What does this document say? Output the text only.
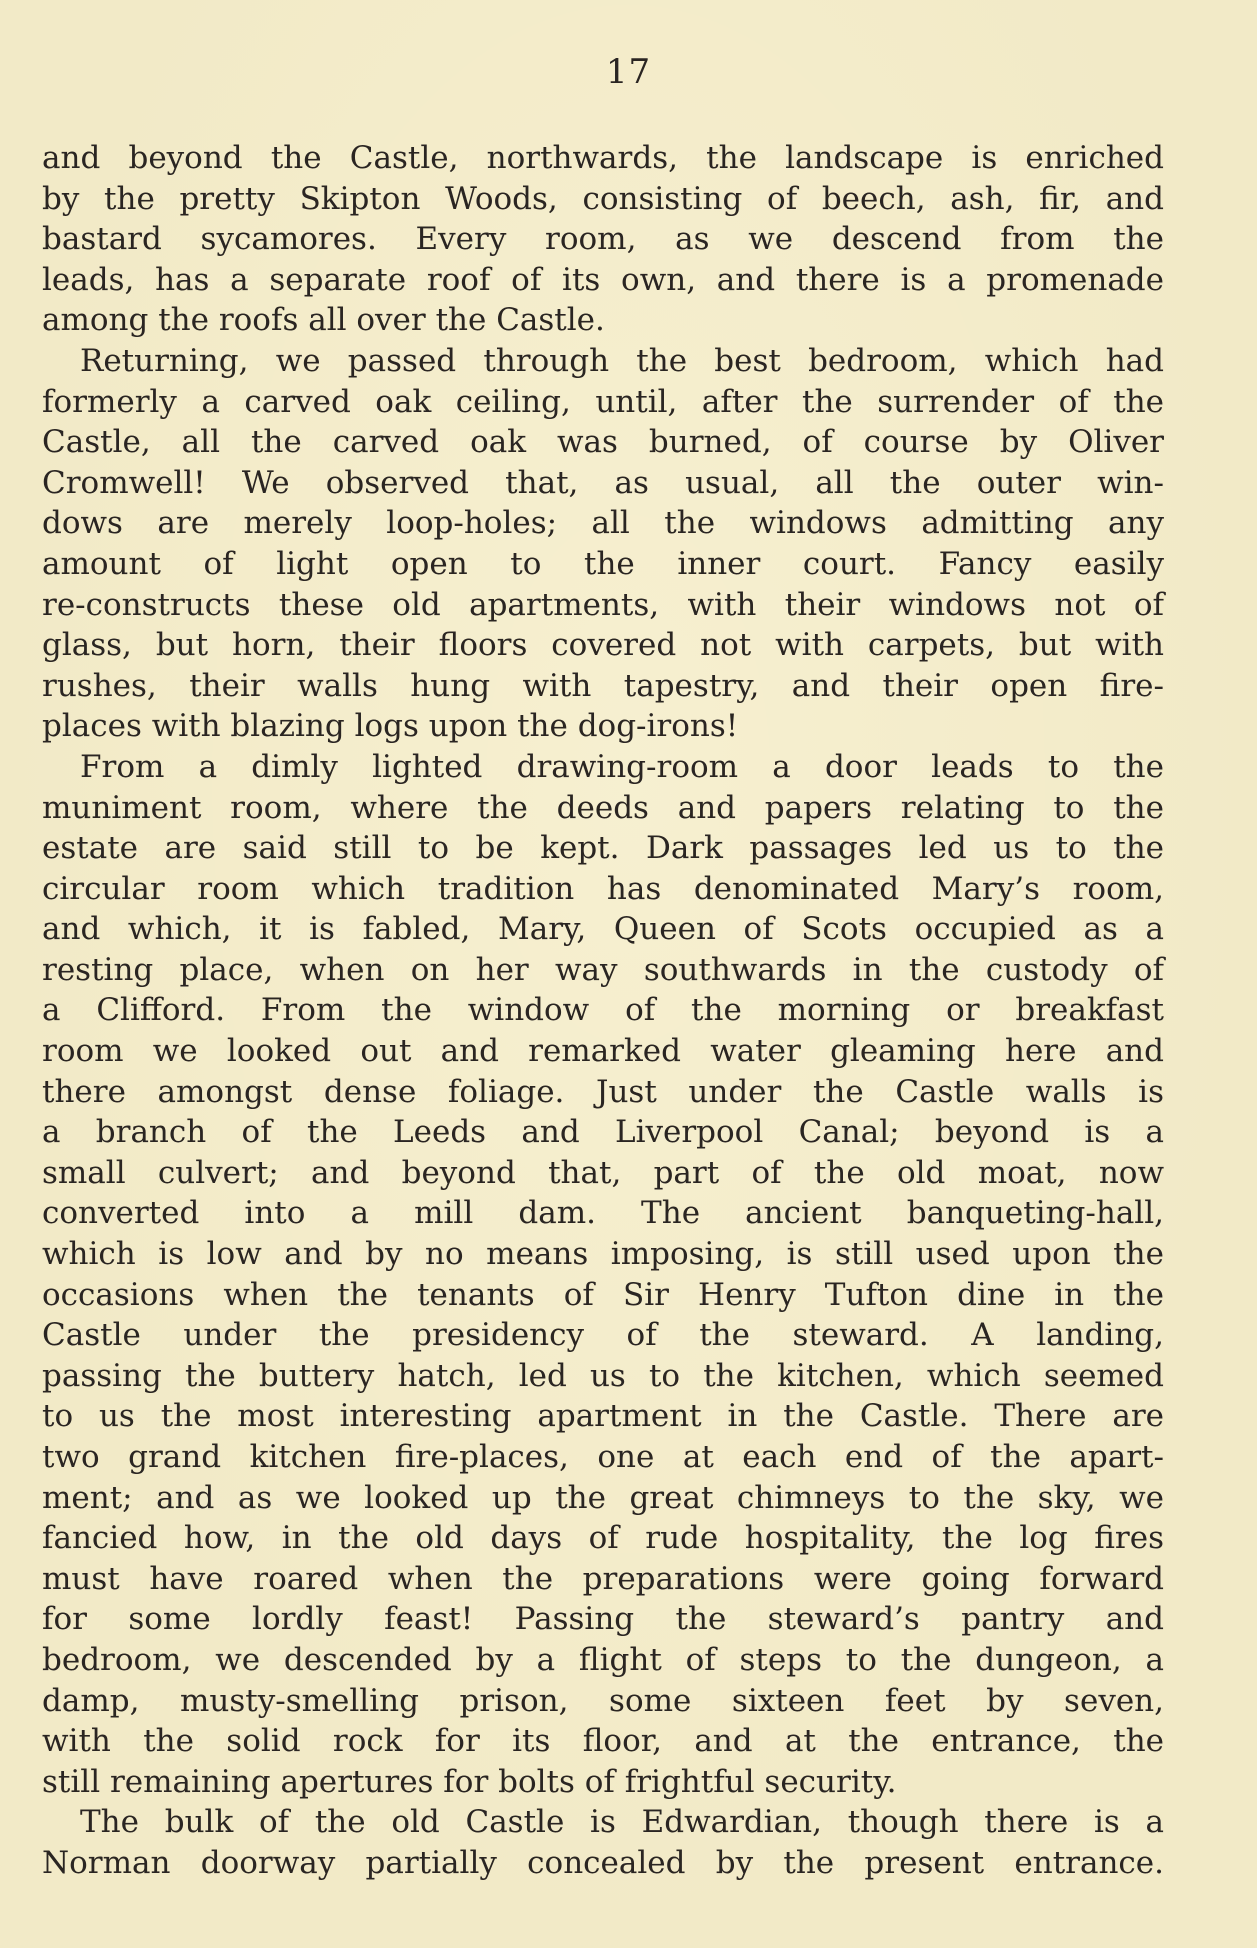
17
and beyond the Castle, northwards, the landscape is enriched
by the pretty Skipton Woods, consisting of beech, ash, fir, and
bastard sycamores. Every room, as we descend from the
leads, has a separate roof of its own, and there is a promenade
among the roofs all over the Castle.
Returning, we passed through the best bedroom, which had
formerly a carved oak ceiling, until, after the surrender of the
Castle, all the carved oak was burned, of course by Oliver
Cromwell! We observed that, as usual, all the outer win-
dows are merely loop-holes; all the windows admitting any
amount of light open to the inner court. Fancy easily
re-constructs these old apartments, with their windows not of
glass, but horn, their floors covered not with carpets, but with
rushes, their walls hung with tapestry, and their open fire-
places with blazing logs upon the dog-irons!
From a dimly lighted drawing-room a door leads to the
muniment room, where the deeds and papers relating to the
estate are said still to be kept. Dark passages led us to the
circular room which tradition has denominated Mary’s room,
and which, it is fabled, Mary, Queen of Scots occupied as a
resting place, when on her way southwards in the custody of
a Clifford. From the window of the morning or breakfast
room we looked out and remarked water gleaming here and
there amongst dense foliage. Just under the Castle walls is
a branch of the Leeds and Liverpool Canal; beyond is a
small culvert; and beyond that, part of the old moat, now
converted into a mill dam. The ancient banqueting-hall,
which is low and by no means imposing, is still used upon the
occasions when the tenants of Sir Henry Tufton dine in the
Castle under the presidency of the steward. A landing,
passing the buttery hatch, led us to the kitchen, which seemed
to us the most interesting apartment in the Castle. There are
two grand kitchen fire-places, one at each end of the apart-
ment; and as we looked up the great chimneys to the sky, we
fancied how, in the old days of rude hospitality, the log fires
must have roared when the preparations were going forward
for some lordly feast! Passing the steward’s pantry and
bedroom, we descended by a flight of steps to the dungeon, a
damp, musty-smelling prison, some sixteen feet by seven,
with the solid rock for its floor, and at the entrance, the
still remaining apertures for bolts of frightful security.
The bulk of the old Castle is Edwardian, though there is a
Norman doorway partially concealed by the present entrance.
